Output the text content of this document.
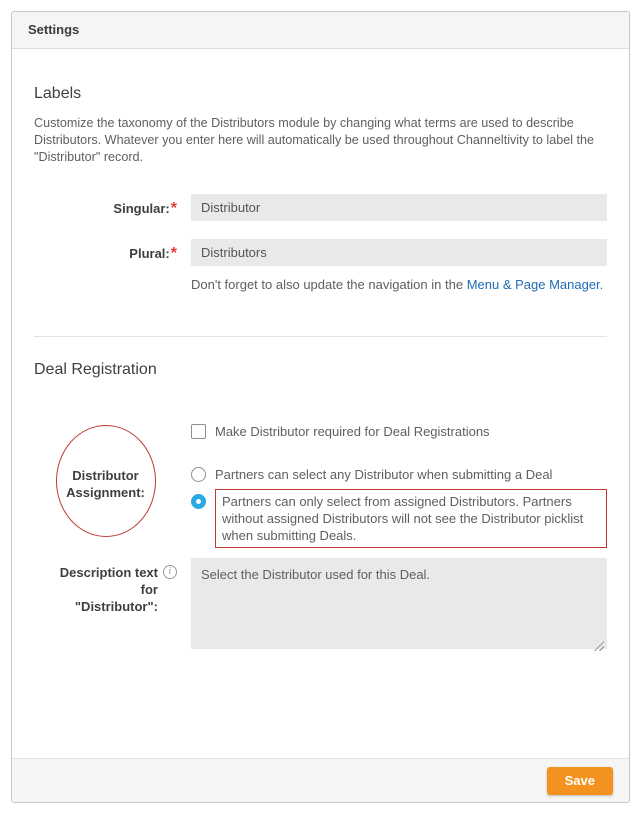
Settings
Labels

Customize the taxonomy of the Distributors module by changing what terms are used to describe Distributors. Whatever you enter here will automatically be used throughout Channeltivity to label the "Distributor" record.

Singular:*
Distributor
Plural:*
Distributors

Don't forget to also update the navigation in the Menu & Page Manager.

Deal Registration
Distributor Assignment:
Make Distributor required for Deal Registrations
Partners can select any Distributor when submitting a Deal
Partners can only select from assigned Distributors. Partners without assigned Distributors will not see the Distributor picklist when submitting Deals.
Description text for "Distributor":
i
Select the Distributor used for this Deal.
Save
